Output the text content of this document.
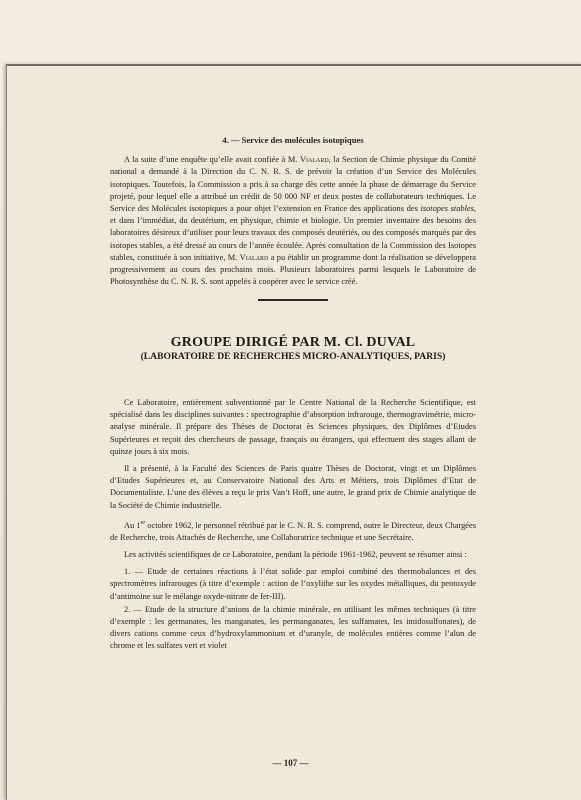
4. — Service des molécules isotopiques

A la suite d’une enquête qu’elle avait confiée à M. Vialard, la Section de Chimie physique du Comité national a demandé à la Direction du C. N. R. S. de prévoir la création d’un Service des Molécules isotopiques. Toutefois, la Commission a pris à sa charge dès cette année la phase de démarrage du Service projeté, pour lequel elle a attribué un crédit de 50 000 NF et deux postes de collaborateurs techniques. Le Service des Molécules isotopiques a pour objet l’extension en France des applications des isotopes stables, et dans l’immédiat, du deutérium, en physique, chimie et biologie. Un premier inventaire des besoins des laboratoires désireux d’utiliser pour leurs travaux des composés deutériés, ou des composés marqués par des isotopes stables, a été dressé au cours de l’année écoulée. Après consultation de la Commission des Isotopes stables, constituée à son initiative, M. Vialard a pu établir un programme dont la réalisation se développera progressivement au cours des prochains mois. Plusieurs laboratoires parmi lesquels le Laboratoire de Photosynthèse du C. N. R. S. sont appelés à coopérer avec le service créé.

GROUPE DIRIGÉ PAR M. Cl. DUVAL
(LABORATOIRE DE RECHERCHES MICRO-ANALYTIQUES, PARIS)

Ce Laboratoire, entièrement subventionné par le Centre National de la Recherche Scientifique, est spécialisé dans les disciplines suivantes : spectrographie d’absorption infrarouge, thermogravimétrie, micro-analyse minérale. Il prépare des Thèses de Doctorat ès Sciences physiques, des Diplômes d’Etudes Supérieures et reçoit des chercheurs de passage, français ou étrangers, qui effectuent des stages allant de quinze jours à six mois.

Il a présenté, à la Faculté des Sciences de Paris quatre Thèses de Doctorat, vingt et un Diplômes d’Etudes Supérieures et, au Conservatoire National des Arts et Métiers, trois Diplômes d’Etat de Documentaliste. L’une des élèves a reçu le prix Van’t Hoff, une autre, le grand prix de Chimie analytique de la Société de Chimie industrielle.

Au 1er octobre 1962, le personnel rétribué par le C. N. R. S. comprend, outre le Directeur, deux Chargées de Recherche, trois Attachés de Recherche, une Collaboratrice technique et une Secrétaire.

Les activités scientifiques de ce Laboratoire, pendant la période 1961-1962, peuvent se résumer ainsi :

1. — Etude de certaines réactions à l’état solide par emploi combiné des thermobalances et des spectromètres infrarouges (à titre d’exemple : action de l’oxylithe sur les oxydes métalliques, du pentoxyde d’antimoine sur le mélange oxyde-nitrate de fer-III).

2. — Etude de la structure d’anions de la chimie minérale, en utilisant les mêmes techniques (à titre d’exemple : les germanates, les manganates, les permanganates, les sulfamates, les imidosulfonates), de divers cations comme ceux d’hydroxylammonium et d’uranyle, de molécules entières comme l’alun de chrome et les sulfates vert et violet

— 107 —
